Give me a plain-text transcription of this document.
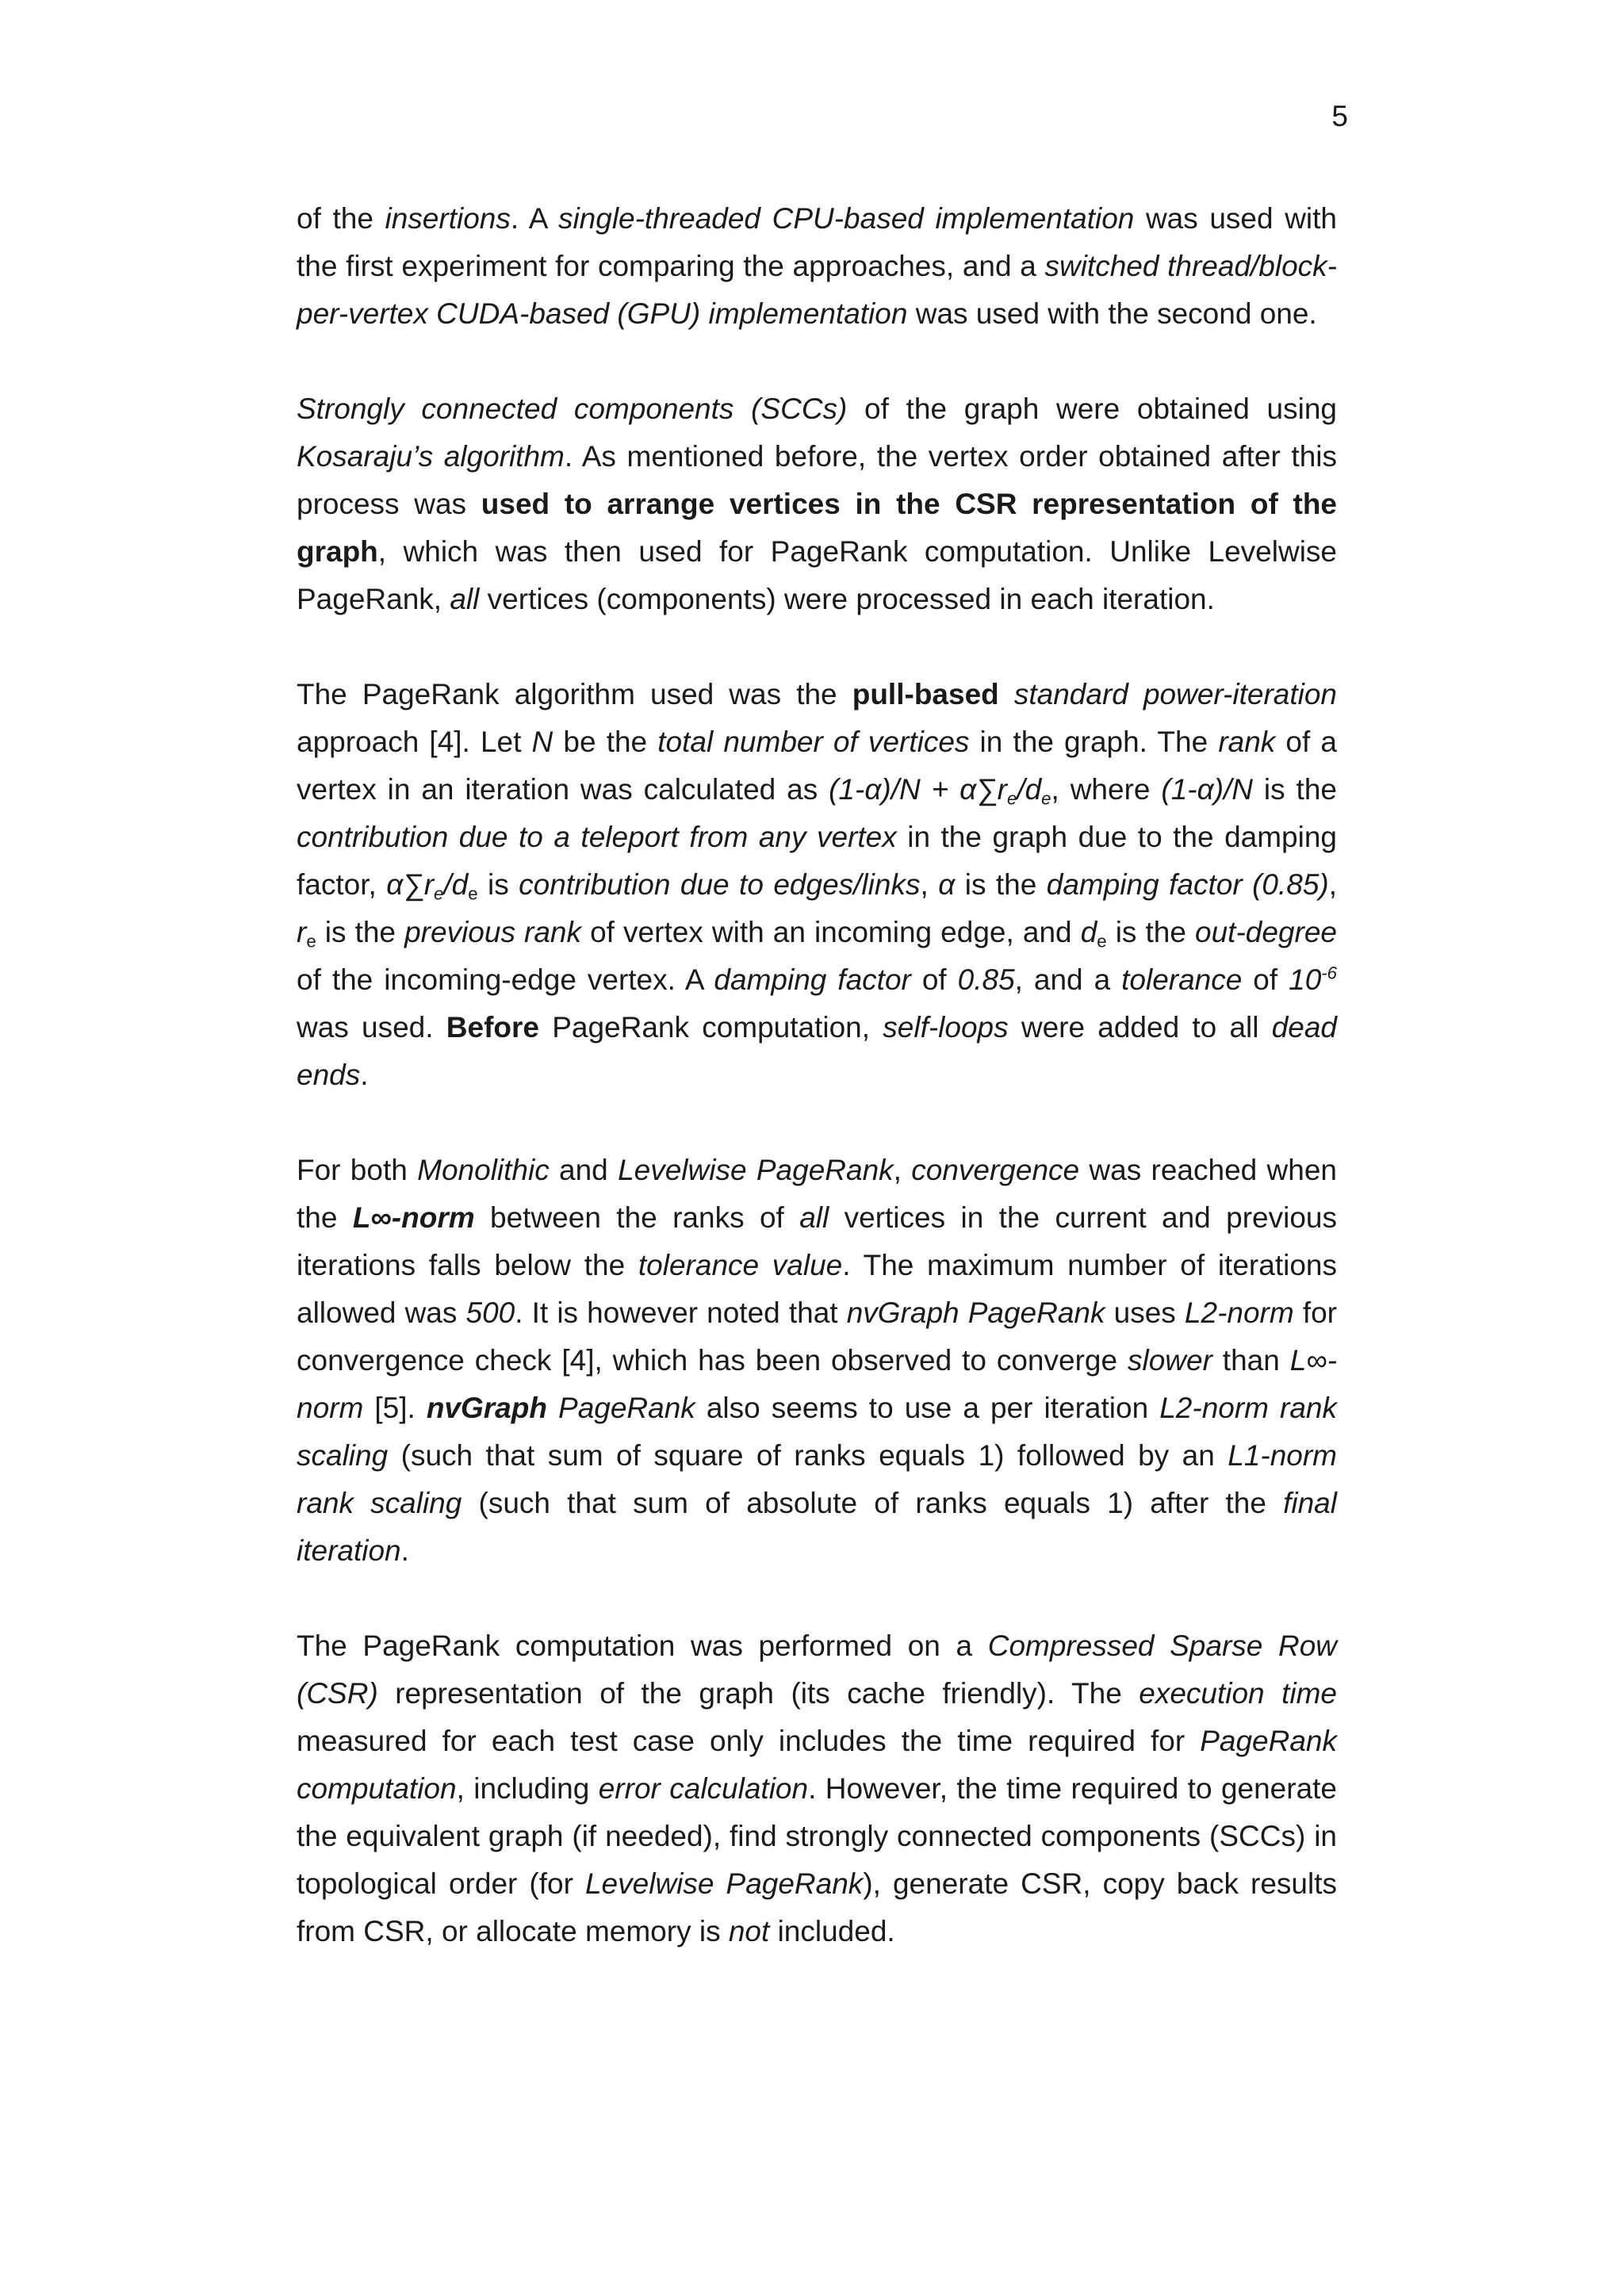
5

of the insertions. A single-threaded CPU-based implementation was used with the first experiment for comparing the approaches, and a switched thread/block-per-vertex CUDA-based (GPU) implementation was used with the second one.

Strongly connected components (SCCs) of the graph were obtained using Kosaraju’s algorithm. As mentioned before, the vertex order obtained after this process was used to arrange vertices in the CSR representation of the graph, which was then used for PageRank computation. Unlike Levelwise PageRank, all vertices (components) were processed in each iteration.

The PageRank algorithm used was the pull-based standard power-iteration approach [4]. Let N be the total number of vertices in the graph. The rank of a vertex in an iteration was calculated as $(1-\alpha)/N + \alpha\sum r_e/d_e$, where (1-α)/N is the contribution due to a teleport from any vertex in the graph due to the damping factor, $\alpha\sum r_e/d_e$ is contribution due to edges/links, α is the damping factor (0.85), $r_e$ is the previous rank of vertex with an incoming edge, and $d_e$ is the out-degree of the incoming-edge vertex. A damping factor of 0.85, and a tolerance of $10^{-6}$ was used. Before PageRank computation, self-loops were added to all dead ends.

For both Monolithic and Levelwise PageRank, convergence was reached when the L∞-norm between the ranks of all vertices in the current and previous iterations falls below the tolerance value. The maximum number of iterations allowed was 500. It is however noted that nvGraph PageRank uses L2-norm for convergence check [4], which has been observed to converge slower than L∞-norm [5]. nvGraph PageRank also seems to use a per iteration L2-norm rank scaling (such that sum of square of ranks equals 1) followed by an L1-norm rank scaling (such that sum of absolute of ranks equals 1) after the final iteration.

The PageRank computation was performed on a Compressed Sparse Row (CSR) representation of the graph (its cache friendly). The execution time measured for each test case only includes the time required for PageRank computation, including error calculation. However, the time required to generate the equivalent graph (if needed), find strongly connected components (SCCs) in topological order (for Levelwise PageRank), generate CSR, copy back results from CSR, or allocate memory is not included.
